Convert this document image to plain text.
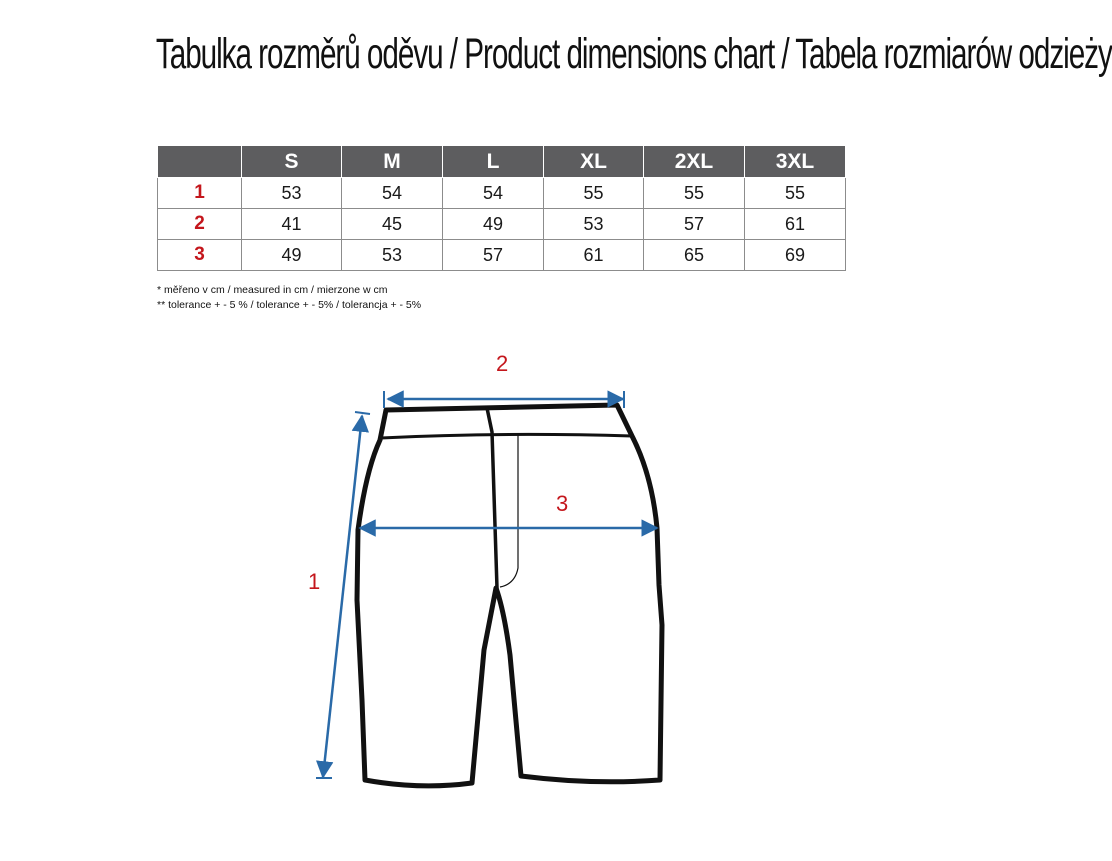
Tabulka rozměrů oděvu / Product dimensions chart / Tabela rozmiarów odzieży
	S	M	L	XL	2XL	3XL
1	53	54	54	55	55	55
2	41	45	49	53	57	61
3	49	53	57	61	65	69
* měřeno v cm / measured in cm / mierzone w cm
** tolerance + - 5 % / tolerance + - 5% / tolerancja + - 5%
1
2
3
